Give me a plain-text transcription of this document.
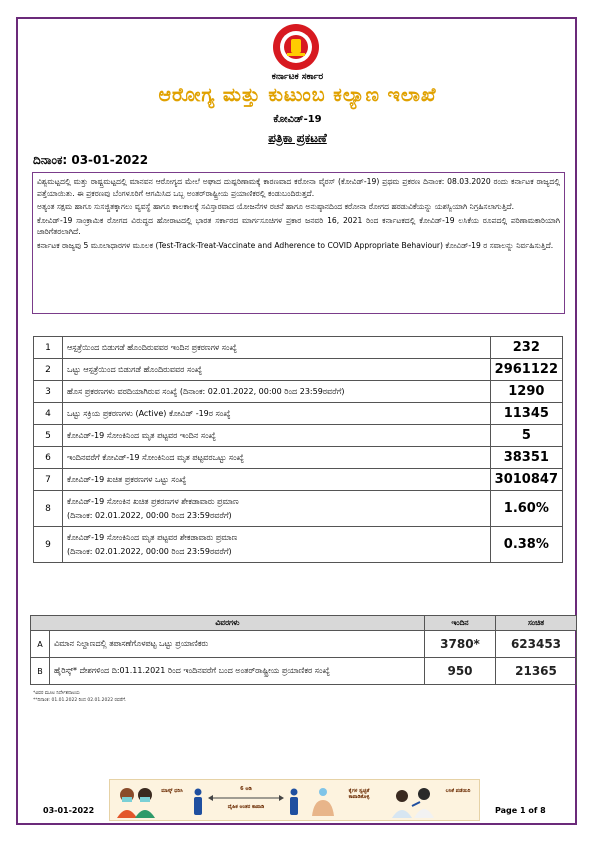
ಕರ್ನಾಟಕ ಸರ್ಕಾರ
ಆರೋಗ್ಯ ಮತ್ತು ಕುಟುಂಬ ಕಲ್ಯಾಣ ಇಲಾಖೆ
ಕೋವಿಡ್-19
ಪತ್ರಿಕಾ ಪ್ರಕಟಣೆ
ದಿನಾಂಕ: 03-01-2022

ವಿಶ್ವಮಟ್ಟದಲ್ಲಿ ಮತ್ತು ರಾಷ್ಟ್ರಮಟ್ಟದಲ್ಲಿ ಮಾನವನ ಆರೋಗ್ಯದ ಮೇಲೆ ಅಘಾದ ದುಷ್ಪರಿಣಾಮಕ್ಕೆ ಕಾರಣವಾದ ಕರೋನಾ ವೈರಸ್ (ಕೋವಿಡ್-19) ಪ್ರಥಮ ಪ್ರಕರಣ ದಿನಾಂಕ: 08.03.2020 ರಂದು ಕರ್ನಾಟಕ ರಾಜ್ಯದಲ್ಲಿ ಪತ್ತೆಯಾಯಿತು. ಈ ಪ್ರಕರಣವು ಬೆಂಗಳೂರಿಗೆ ಆಗಮಿಸಿದ ಒಬ್ಬ ಅಂತರ್‌ರಾಷ್ಟ್ರೀಯ ಪ್ರಯಾಣಿಕರಲ್ಲಿ ಕಂಡುಬಂದಿರುತ್ತದೆ.

ಅತ್ಯಂತ ಸಕ್ಷಮ ಹಾಗೂ ಸುಸಜ್ಜಿತಕ್ಕಾಗಲು ವ್ಯವಸ್ಥೆ ಹಾಗೂ ಕಾಲಕಾಲಕ್ಕೆ ಸವಿಸ್ತಾರವಾದ ಯೋಜನೆಗಳ ರಚನೆ ಹಾಗೂ ಅನುಷ್ಠಾನದಿಂದ ಕರೋನಾ ರೋಗದ ಹರಡುವಿಕೆಯನ್ನು ಯಶಸ್ವಿಯಾಗಿ ನಿಗ್ರಹಿಸಲಾಗುತ್ತಿದೆ.

ಕೋವಿಡ್-19 ಸಾಂಕ್ರಾಮಿಕ ರೋಗದ ವಿರುದ್ಧದ ಹೋರಾಟದಲ್ಲಿ ಭಾರತ ಸರ್ಕಾರದ ಮಾರ್ಗಸೂಚಿಗಳ ಪ್ರಕಾರ ಜನವರಿ 16, 2021 ರಿಂದ ಕರ್ನಾಟಕದಲ್ಲಿ ಕೋವಿಡ್-19 ಲಸಿಕೆಯ ರೂಪದಲ್ಲಿ ಪರಿಣಾಮಕಾರಿಯಾಗಿ ಜಾರಿಗೆತರಲಾಗಿದೆ.

ಕರ್ನಾಟಕ ರಾಜ್ಯವು 5 ಮೂಲಾಧಾರಗಳ ಮೂಲಕ (Test-Track-Treat-Vaccinate and Adherence to COVID Appropriate Behaviour) ಕೋವಿಡ್-19 ರ ಸವಾಲನ್ನು ನಿರ್ವಹಿಸುತ್ತಿದೆ.

1	ಆಸ್ಪತ್ರೆಯಿಂದ ಬಿಡುಗಡೆ ಹೊಂದಿರುವವರ ಇಂದಿನ ಪ್ರಕರಣಗಳ ಸಂಖ್ಯೆ	232
2	ಒಟ್ಟು ಆಸ್ಪತ್ರೆಯಿಂದ ಬಿಡುಗಡೆ ಹೊಂದಿರುವವರ ಸಂಖ್ಯೆ	2961122
3	ಹೊಸ ಪ್ರಕರಣಗಳು ವರದಿಯಾಗಿರುವ ಸಂಖ್ಯೆ (ದಿನಾಂಕ: 02.01.2022, 00:00 ರಿಂದ 23:59ರವರೆಗೆ)	1290
4	ಒಟ್ಟು ಸಕ್ರಿಯ ಪ್ರಕರಣಗಳು (Active) ಕೋವಿಡ್ -19ರ ಸಂಖ್ಯೆ	11345
5	ಕೋವಿಡ್-19 ಸೋಂಕಿನಿಂದ ಮೃತ ಪಟ್ಟವರ ಇಂದಿನ ಸಂಖ್ಯೆ	5
6	ಇಂದಿನವರೆಗೆ ಕೋವಿಡ್-19 ಸೋಂಕಿನಿಂದ ಮೃತ ಪಟ್ಟವರಒಟ್ಟು ಸಂಖ್ಯೆ	38351
7	ಕೋವಿಡ್-19 ಖಚಿತ ಪ್ರಕರಣಗಳ ಒಟ್ಟು ಸಂಖ್ಯೆ	3010847
8	ಕೋವಿಡ್-19 ಸೋಂಕಿನ ಖಚಿತ ಪ್ರಕರಣಗಳ ಶೇಕಡಾವಾರು ಪ್ರಮಾಣ
(ದಿನಾಂಕ: 02.01.2022, 00:00 ರಿಂದ 23:59ರವರೆಗೆ)	1.60%
9	ಕೋವಿಡ್-19 ಸೋಂಕಿನಿಂದ ಮೃತ ಪಟ್ಟವರ ಶೇಕಡಾವಾರು ಪ್ರಮಾಣ
(ದಿನಾಂಕ: 02.01.2022, 00:00 ರಿಂದ 23:59ರವರೆಗೆ)	0.38%
ವಿವರಗಳು		ಇಂದಿನ	ಸಂಚಿತ
A	ವಿಮಾನ ನಿಲ್ದಾಣದಲ್ಲಿ ತಪಾಸಣೆಗೊಳಪಟ್ಟ ಒಟ್ಟು ಪ್ರಯಾಣಿಕರು	3780*	623453
B	ಹೈರಿಸ್ಕ್* ದೇಶಗಳಿಂದ ದಿ:01.11.2021 ರಿಂದ ಇಂದಿನವರೆಗೆ ಬಂದ ಅಂತರ್‌ರಾಷ್ಟ್ರೀಯ ಪ್ರಯಾಣಿಕರ ಸಂಖ್ಯೆ	950	21365
*ವಿವರ ಮೂಲ ನಿರ್ದೇಶನಾಲಯ
**ದಿನಾಂಕ: 01.01.2022 ರಿಂದ 02.01.2022 ರವರೆಗೆ.
ಮಾಸ್ಕ್ ಧರಿಸಿ	6 ಅಡಿ
ದೈಹಿಕ ಅಂತರ ಕಾಪಾಡಿ
ಕೈಗಳ ಸ್ವಚ್ಛತೆ ಕಾಪಾಡಿಕೊಳ್ಳಿ
ಲಸಿಕೆ ಪಡೆಯಿರಿ
03-01-2022	Page 1 of 8
